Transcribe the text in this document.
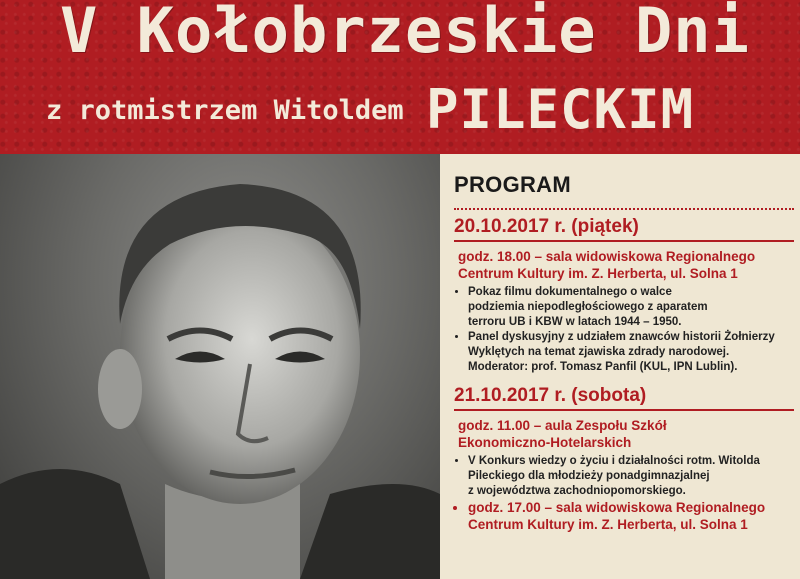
V Kołobrzeskie Dni
z rotmistrzem Witoldem PILECKIM
PROGRAM
20.10.2017 r. (piątek)
godz. 18.00 – sala widowiskowa Regionalnego
Centrum Kultury im. Z. Herberta, ul. Solna 1
• Pokaz filmu dokumentalnego o walce
podziemia niepodległościowego z aparatem
terroru UB i KBW w latach 1944 – 1950.
• Panel dyskusyjny z udziałem znawców historii Żołnierzy
Wyklętych na temat zjawiska zdrady narodowej.
Moderator: prof. Tomasz Panfil (KUL, IPN Lublin).
21.10.2017 r. (sobota)
godz. 11.00 – aula Zespołu Szkół
Ekonomiczno-Hotelarskich
• V Konkurs wiedzy o życiu i działalności rotm. Witolda
Pileckiego dla młodzieży ponadgimnazjalnej
z województwa zachodniopomorskiego.
• godz. 17.00 – sala widowiskowa Regionalnego
Centrum Kultury im. Z. Herberta, ul. Solna 1
